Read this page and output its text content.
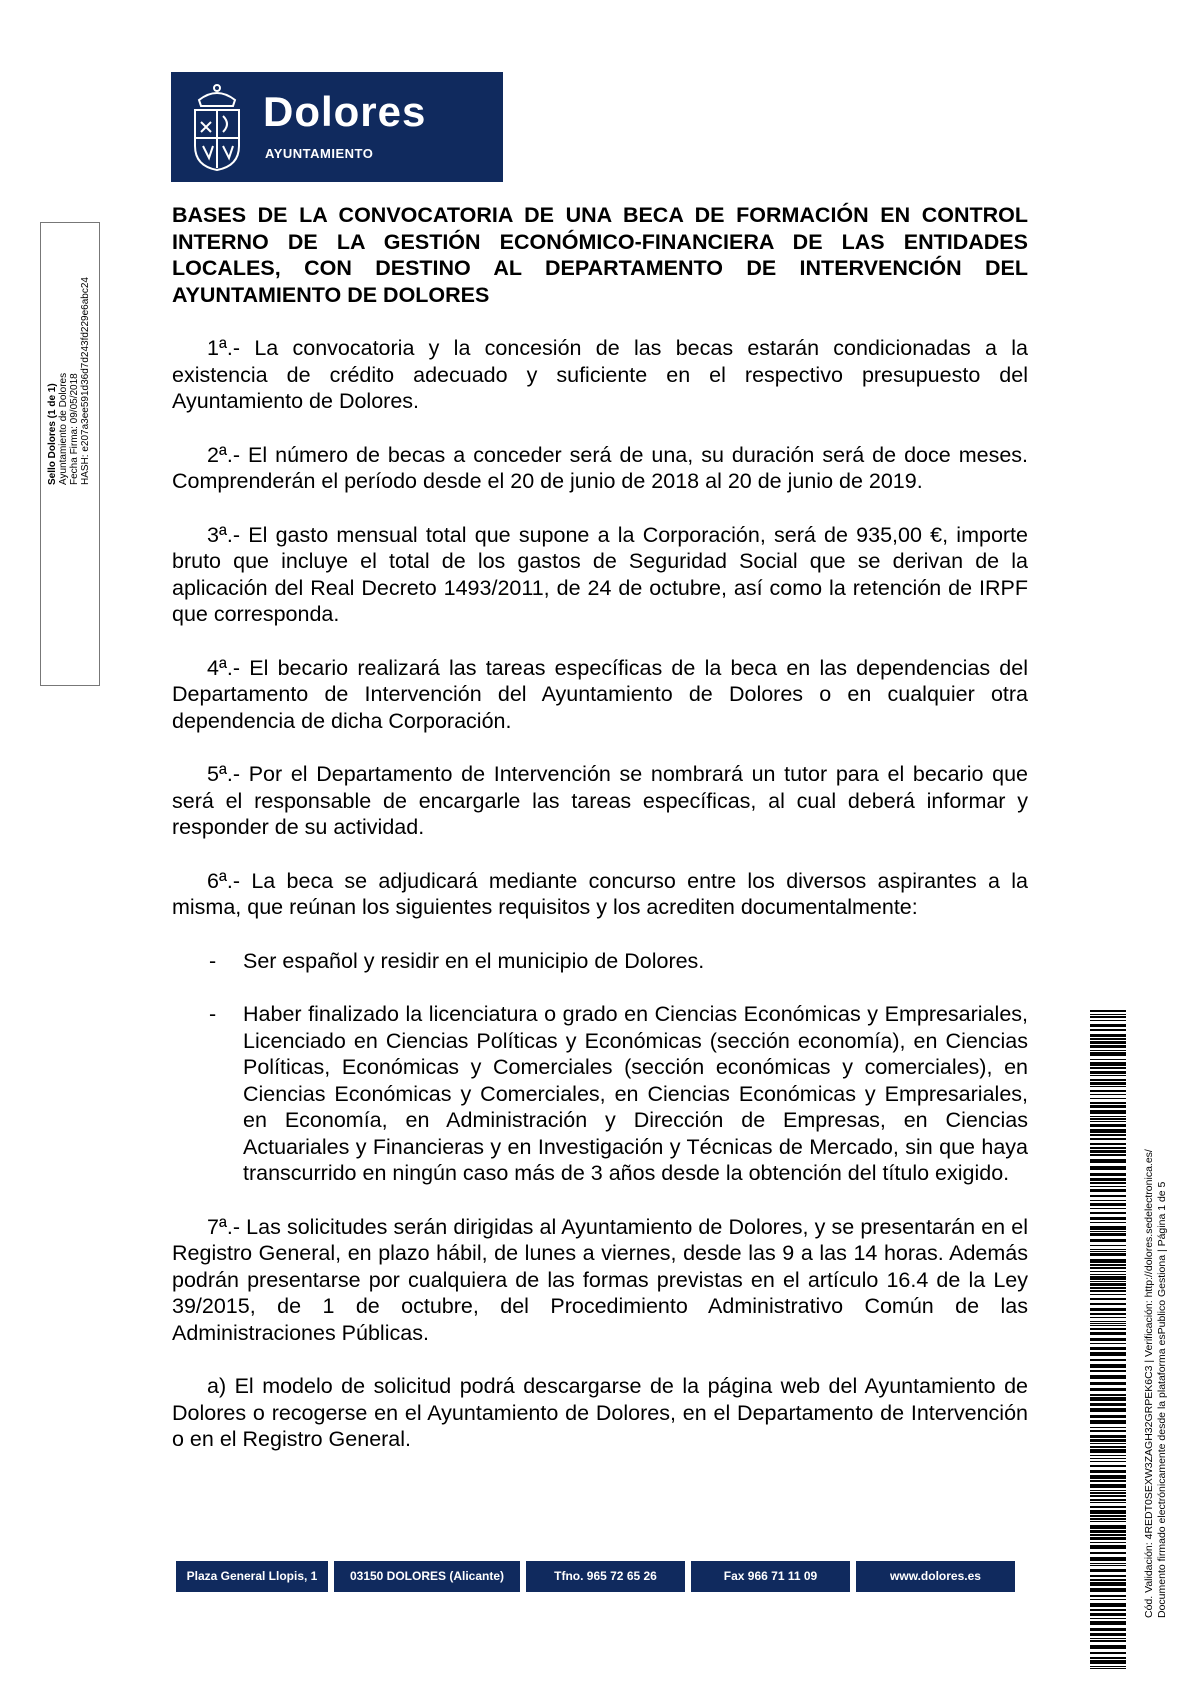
Dolores
AYUNTAMIENTO
Sello Dolores (1 de 1) Ayuntamiento de Dolores Fecha Firma: 09/05/2018 HASH: e207a3ee591d36d7d243fd229e6abc24
BASES DE LA CONVOCATORIA DE UNA BECA DE FORMACIÓN EN CONTROL INTERNO DE LA GESTIÓN ECONÓMICO-FINANCIERA DE LAS ENTIDADES LOCALES, CON DESTINO AL DEPARTAMENTO DE INTERVENCIÓN DEL AYUNTAMIENTO DE DOLORES
1ª.- La convocatoria y la concesión de las becas estarán condicionadas a la existencia de crédito adecuado y suficiente en el respectivo presupuesto del Ayuntamiento de Dolores.
2ª.- El número de becas a conceder será de una, su duración será de doce meses. Comprenderán el período desde el 20 de junio de 2018 al 20 de junio de 2019.
3ª.- El gasto mensual total que supone a la Corporación, será de 935,00 €, importe bruto que incluye el total de los gastos de Seguridad Social que se derivan de la aplicación del Real Decreto 1493/2011, de 24 de octubre, así como la retención de IRPF que corresponda.
4ª.- El becario realizará las tareas específicas de la beca en las dependencias del Departamento de Intervención del Ayuntamiento de Dolores o en cualquier otra dependencia de dicha Corporación.
5ª.- Por el Departamento de Intervención se nombrará un tutor para el becario que será el responsable de encargarle las tareas específicas, al cual deberá informar y responder de su actividad.
6ª.- La beca se adjudicará mediante concurso entre los diversos aspirantes a la misma, que reúnan los siguientes requisitos y los acrediten documentalmente:
-	Ser español y residir en el municipio de Dolores.
-	Haber finalizado la licenciatura o grado en Ciencias Económicas y Empresariales, Licenciado en Ciencias Políticas y Económicas (sección economía), en Ciencias Políticas, Económicas y Comerciales (sección económicas y comerciales), en Ciencias Económicas y Comerciales, en Ciencias Económicas y Empresariales, en Economía, en Administración y Dirección de Empresas, en Ciencias Actuariales y Financieras y en Investigación y Técnicas de Mercado, sin que haya transcurrido en ningún caso más de 3 años desde la obtención del título exigido.
7ª.- Las solicitudes serán dirigidas al Ayuntamiento de Dolores, y se presentarán en el Registro General, en plazo hábil, de lunes a viernes, desde las 9 a las 14 horas. Además podrán presentarse por cualquiera de las formas previstas en el artículo 16.4 de la Ley 39/2015, de 1 de octubre, del Procedimiento Administrativo Común de las Administraciones Públicas.
a) El modelo de solicitud podrá descargarse de la página web del Ayuntamiento de Dolores o recogerse en el Ayuntamiento de Dolores, en el Departamento de Intervención o en el Registro General.	Cód. Validación: 4REDT0SEXW3ZAGH32GRPEK6C3 | Verificación: http://dolores.sedelectronica.es/ Documento firmado electrónicamente desde la plataforma esPublico Gestiona | Página 1 de 5
Plaza General Llopis, 1	03150 DOLORES (Alicante)	Tfno. 965 72 65 26	Fax 966 71 11 09	www.dolores.es
